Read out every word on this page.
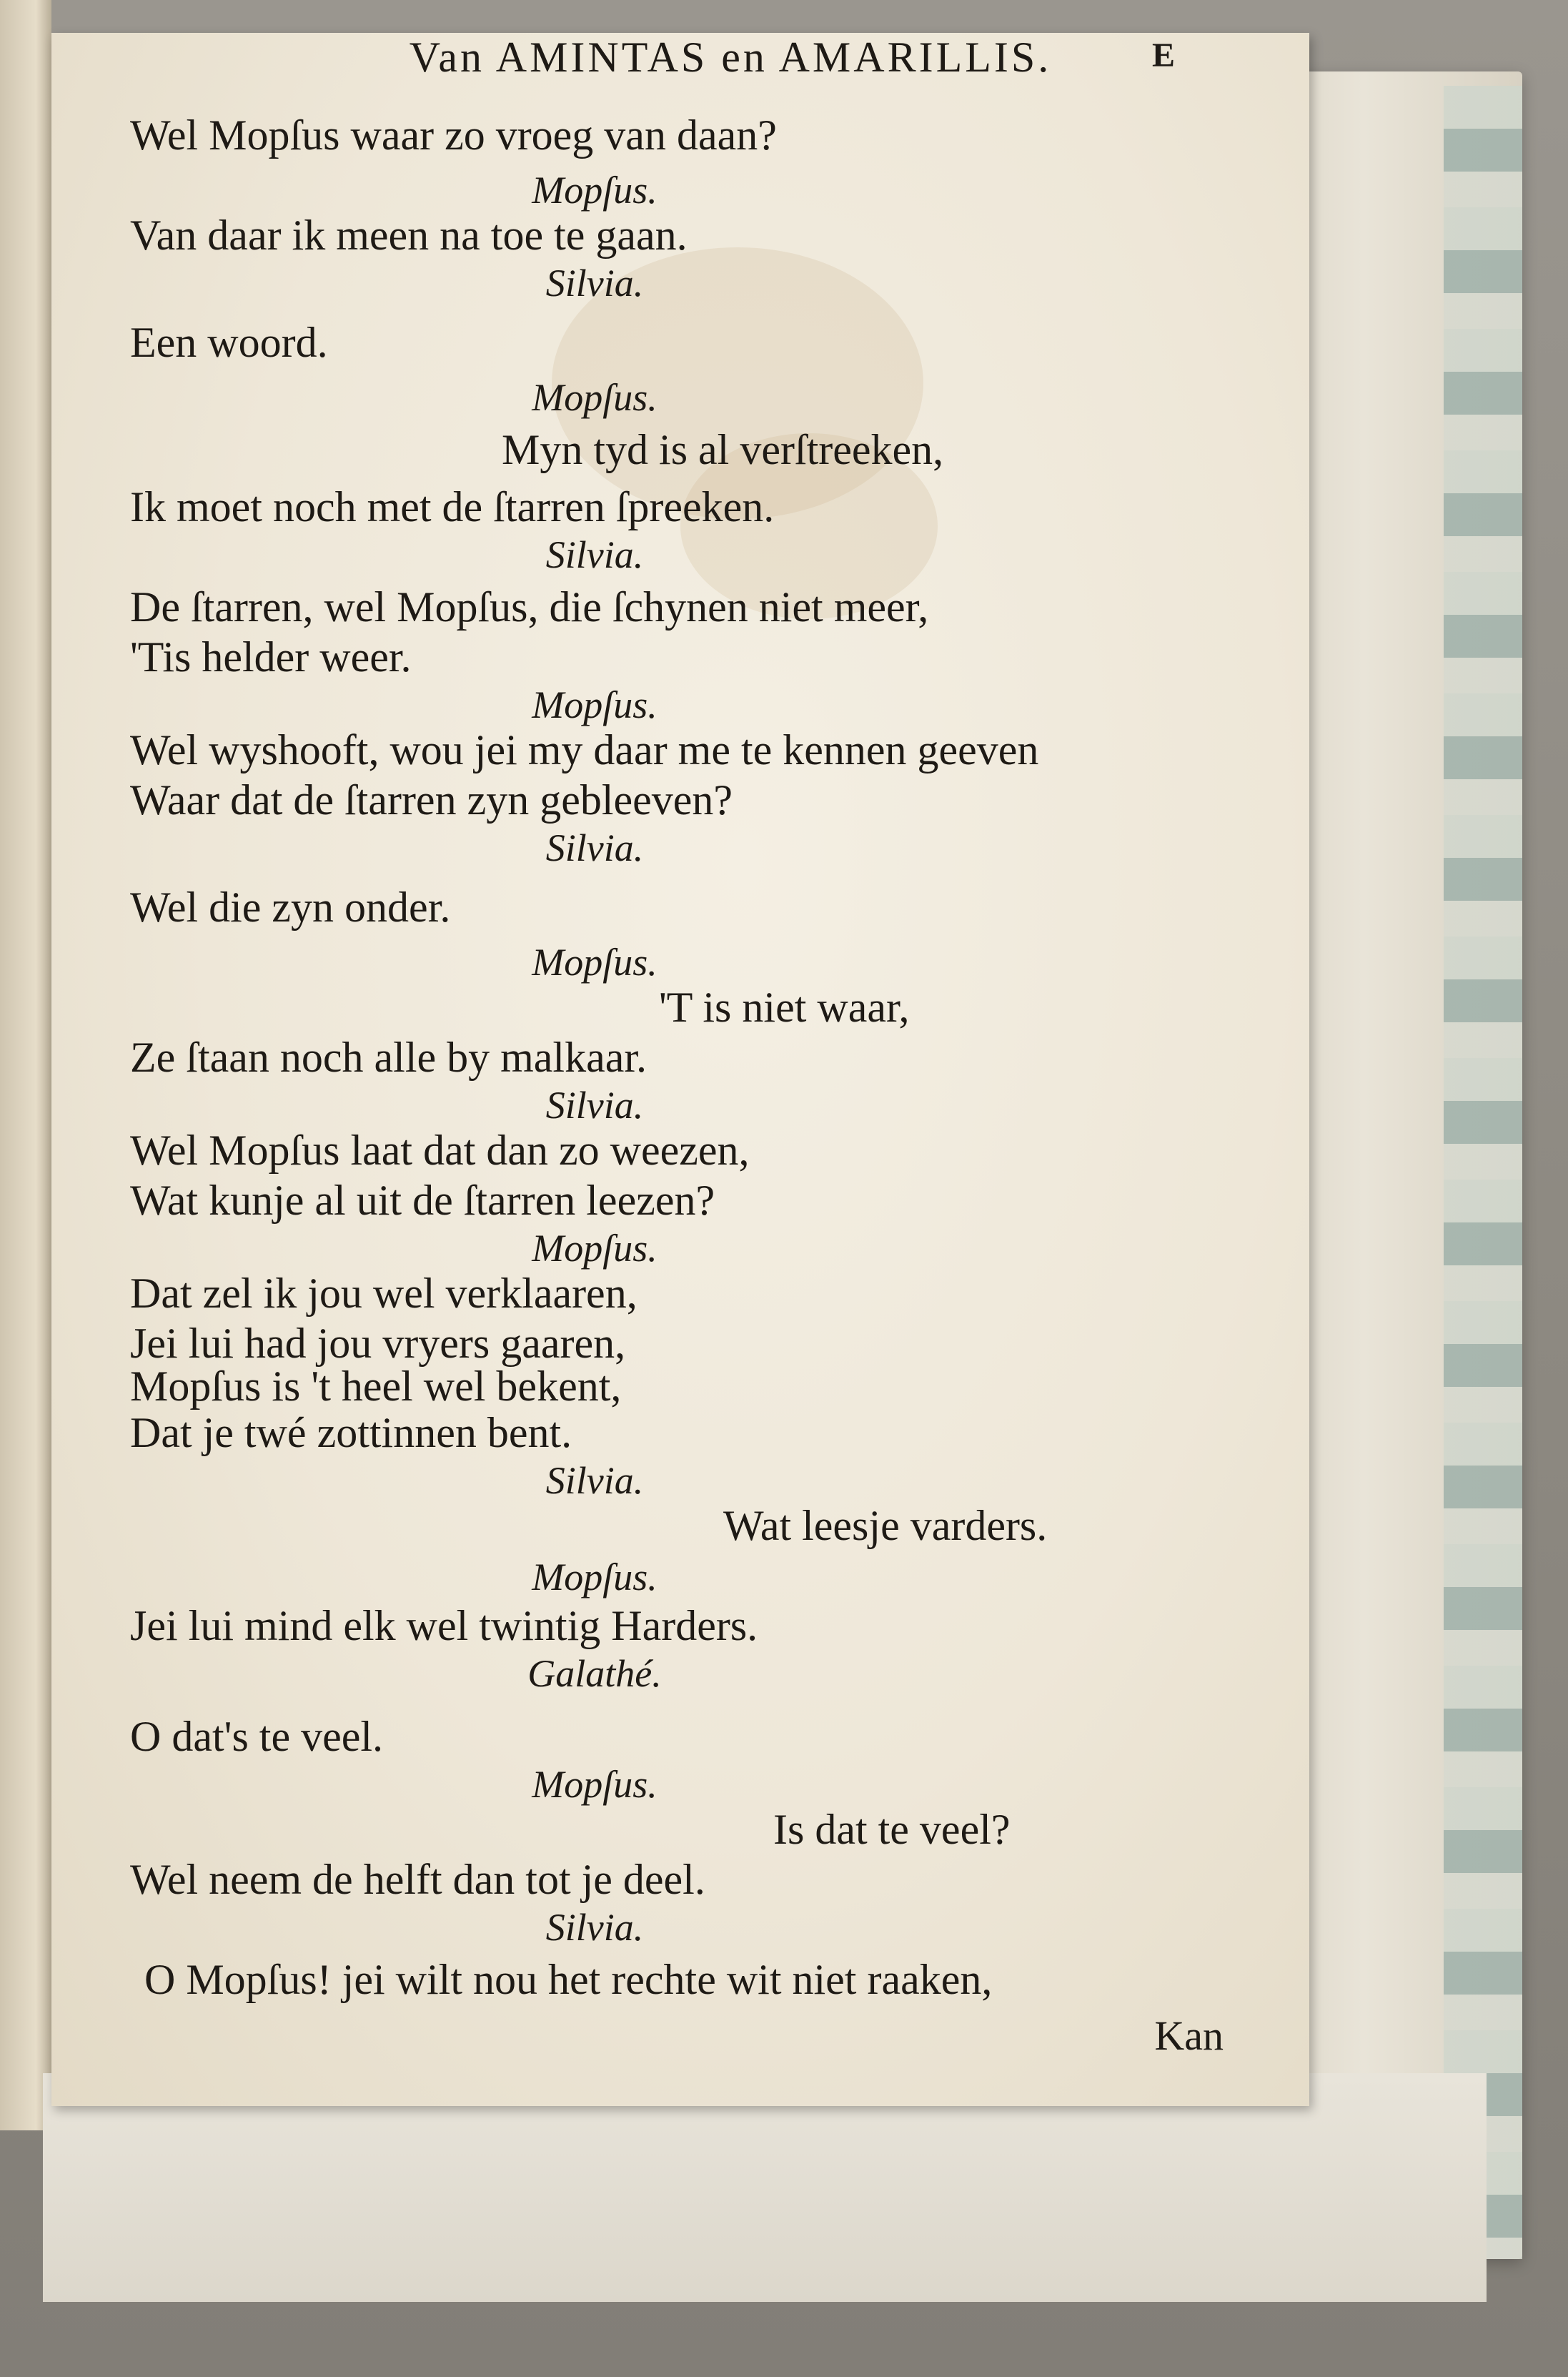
Van AMINTAS en AMARILLIS.	E
Wel Mopſus waar zo vroeg van daan?
Mopſus.
Van daar ik meen na toe te gaan.
Silvia.
Een woord.
Mopſus.
Myn tyd is al verſtreeken,
Ik moet noch met de ſtarren ſpreeken.
Silvia.
De ſtarren, wel Mopſus, die ſchynen niet meer,
'Tis helder weer.
Mopſus.
Wel wyshooft, wou jei my daar me te kennen geeven
Waar dat de ſtarren zyn gebleeven?
Silvia.
Wel die zyn onder.
Mopſus.
'T is niet waar,
Ze ſtaan noch alle by malkaar.
Silvia.
Wel Mopſus laat dat dan zo weezen,
Wat kunje al uit de ſtarren leezen?
Mopſus.
Dat zel ik jou wel verklaaren,
Jei lui had jou vryers gaaren,
Mopſus is 't heel wel bekent,
Dat je twé zottinnen bent.
Silvia.
Wat leesje varders.
Mopſus.
Jei lui mind elk wel twintig Harders.
Galathé.
O dat's te veel.
Mopſus.
Is dat te veel?
Wel neem de helft dan tot je deel.
Silvia.
O Mopſus! jei wilt nou het rechte wit niet raaken,
Kan
